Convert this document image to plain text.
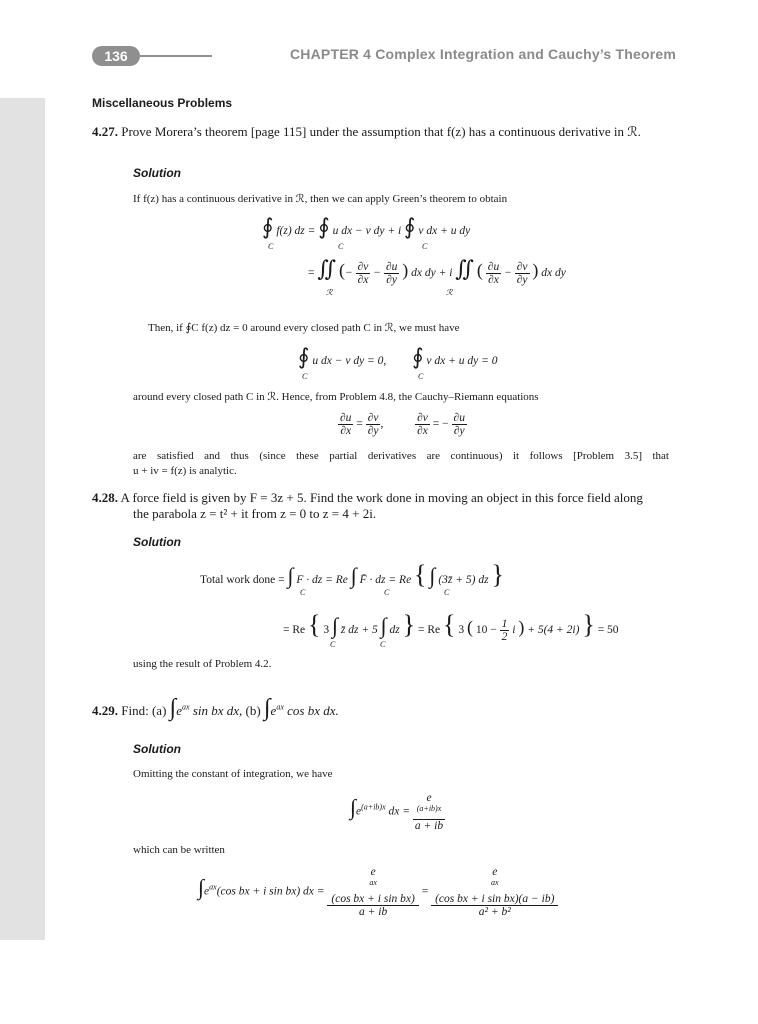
136	CHAPTER 4 Complex Integration and Cauchy’s Theorem
Miscellaneous Problems
4.27. Prove Morera’s theorem [page 115] under the assumption that f(z) has a continuous derivative in ℛ.
Solution
If f(z) has a continuous derivative in ℛ, then we can apply Green’s theorem to obtain
∮ f(z) dz = ∮ u dx − v dy + i ∮ v dx + u dy
C	C	C
= ∬ (− $\frac{\partial v}{\partial x} - \frac{\partial u}{\partial y}$ ) dx dy + i ∬ ( $\frac{\partial u}{\partial x} - \frac{\partial v}{\partial y}$ ) dx dy
ℛ	ℛ
Then, if ∮C f(z) dz = 0 around every closed path C in ℛ, we must have
∮ u dx − v dy = 0, ∮ v dx + u dy = 0
C	C
around every closed path C in ℛ. Hence, from Problem 4.8, the Cauchy–Riemann equations
$\frac{\partial u}{\partial x} = \frac{\partial v}{\partial y}$ ,	$\frac{\partial v}{\partial x}$ = − $\frac{\partial u}{\partial y}$
are satisfied and thus (since these partial derivatives are continuous) it follows [Problem 3.5] that
u + iv = f(z) is analytic.
4.28. A force field is given by F = 3z + 5. Find the work done in moving an object in this force field along
the parabola z = t² + it from z = 0 to z = 4 + 2i.
Solution
Total work done = ∫ F · dz = Re ∫ F̄ · dz = Re { ∫ (3z̄ + 5) dz }
C	C	C
= Re { 3 ∫ z̄ dz + 5 ∫ dz } = Re { 3 ( $10 - \frac{1}{2}$ i ) + 5(4 + 2i) } = 50
C	C
using the result of Problem 4.2.
4.29. Find: (a) $\int e^{ax}$ sin bx dx, (b) $\int e^{ax}$ cos bx dx.
Solution
Omitting the constant of integration, we have
$\int e^{(a+ib)x}$ dx = e
$^{(a+ib)x}$
a + ib
which can be written
$\int e^{ax}(\cos$ bx + i sin bx) dx = e
$^{ax}$
(cos bx + i sin bx)
a + ib = e
$^{ax}$
(cos bx + i sin bx)(a − ib)
a² + b²
